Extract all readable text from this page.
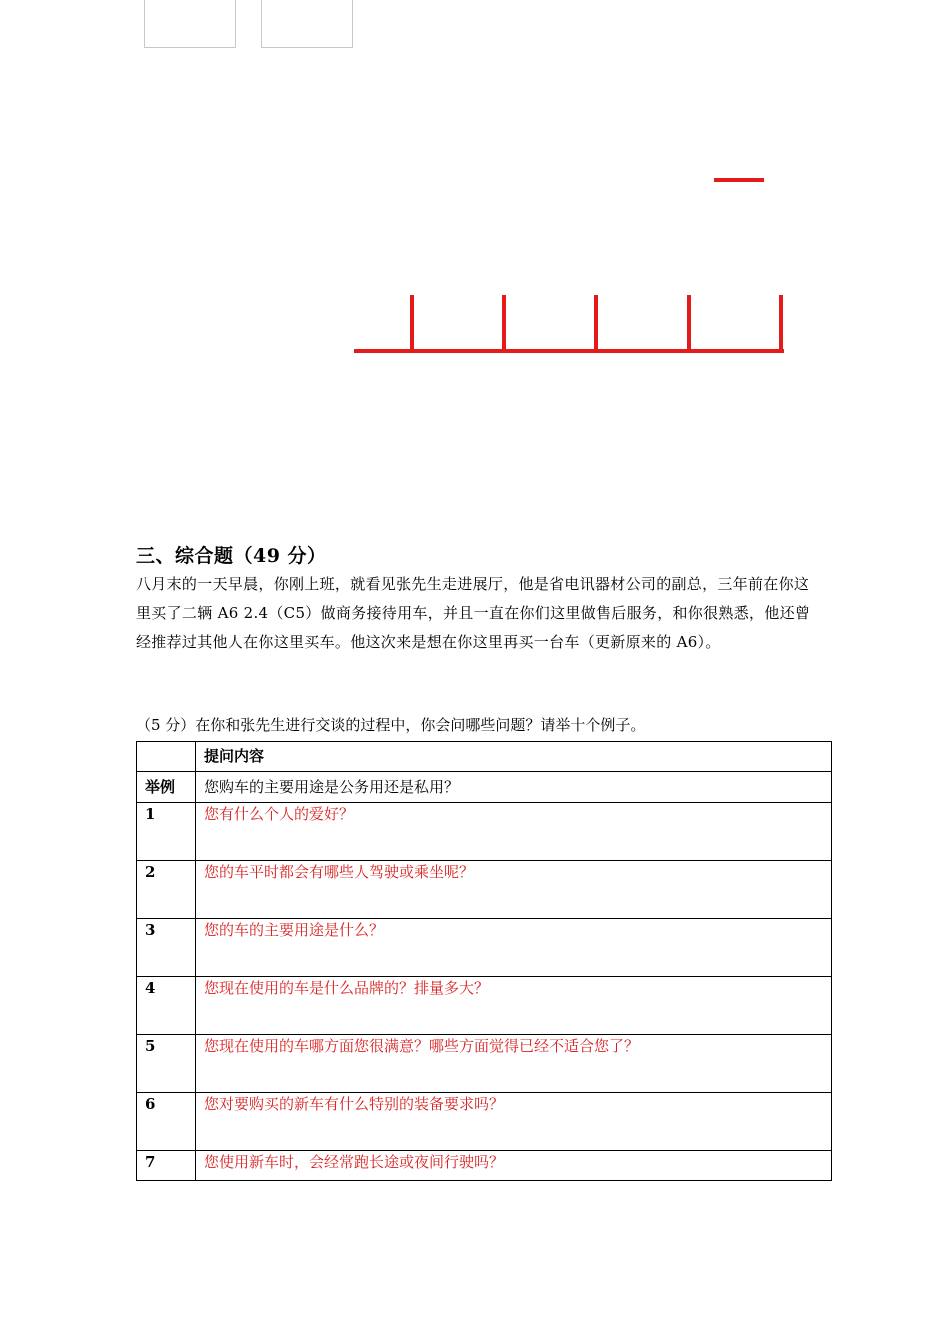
三、综合题（49 分）
八月末的一天早晨，你刚上班，就看见张先生走进展厅，他是省电讯器材公司的副总，三年前在你这里买了二辆 A6 2.4（C5）做商务接待用车，并且一直在你们这里做售后服务，和你很熟悉，他还曾经推荐过其他人在你这里买车。他这次来是想在你这里再买一台车（更新原来的 A6）。
（5 分）在你和张先生进行交谈的过程中，你会问哪些问题？请举十个例子。
	提问内容
举例	您购车的主要用途是公务用还是私用？
1	您有什么个人的爱好？
2	您的车平时都会有哪些人驾驶或乘坐呢？
3	您的车的主要用途是什么？
4	您现在使用的车是什么品牌的？排量多大？
5	您现在使用的车哪方面您很满意？哪些方面觉得已经不适合您了？
6	您对要购买的新车有什么特别的装备要求吗？
7	您使用新车时，会经常跑长途或夜间行驶吗？
